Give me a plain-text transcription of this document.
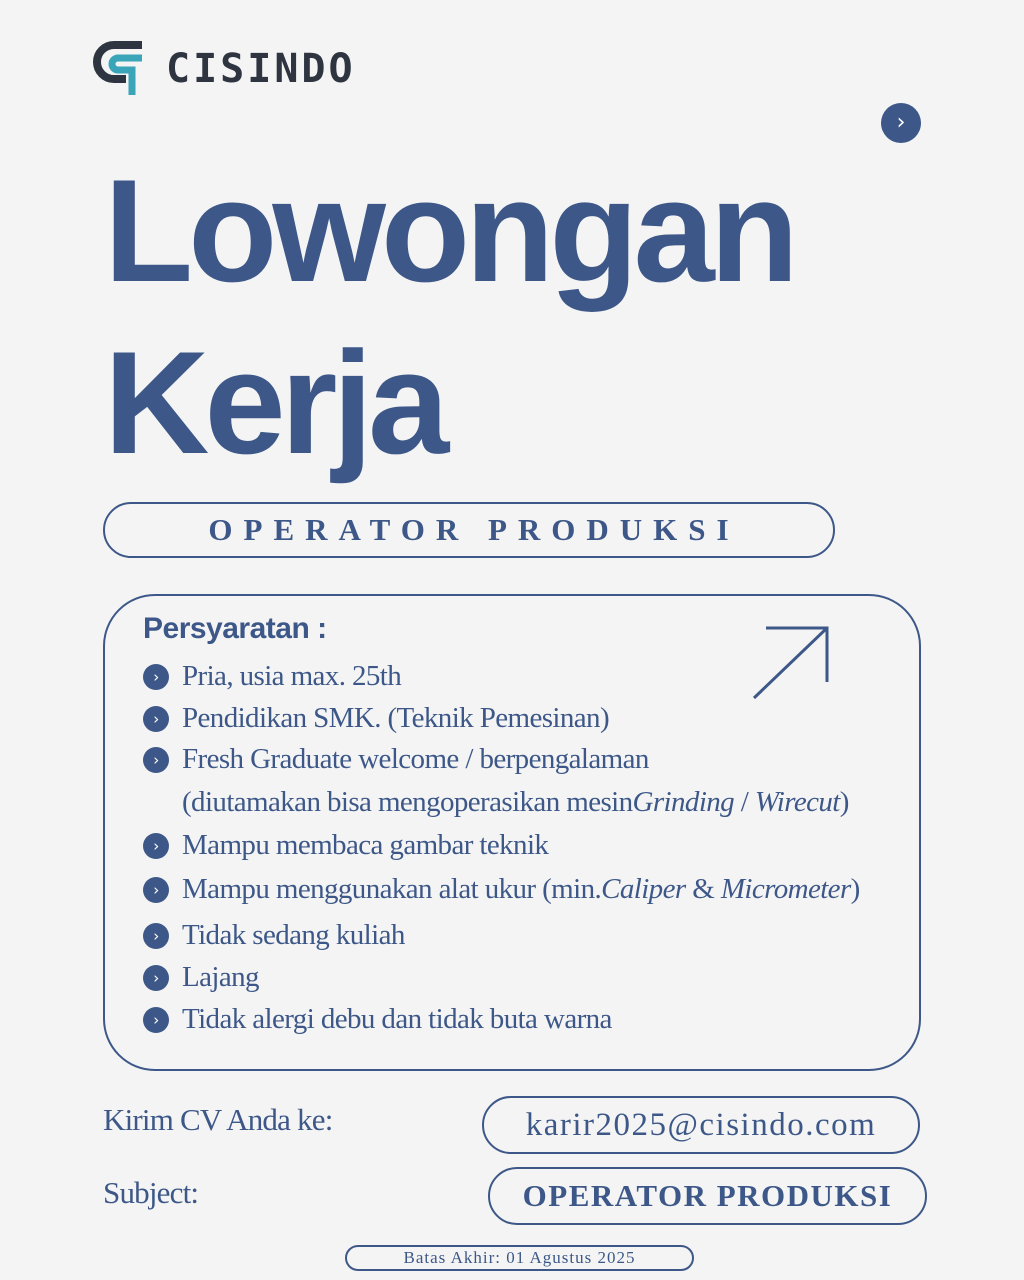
CISINDO
›
Lowongan
Kerja
OPERATOR PRODUKSI
Persyaratan :
› Pria, usia max. 25th
› Pendidikan SMK. (Teknik Pemesinan)
› Fresh Graduate welcome / berpengalaman
(diutamakan bisa mengoperasikan mesin Grinding / Wirecut )
› Mampu membaca gambar teknik
› Mampu menggunakan alat ukur (min. Caliper & Micrometer )
› Tidak sedang kuliah
› Lajang
› Tidak alergi debu dan tidak buta warna
Kirim CV Anda ke:	karir2025@cisindo.com
Subject:	OPERATOR PRODUKSI
Batas Akhir: 01 Agustus 2025
